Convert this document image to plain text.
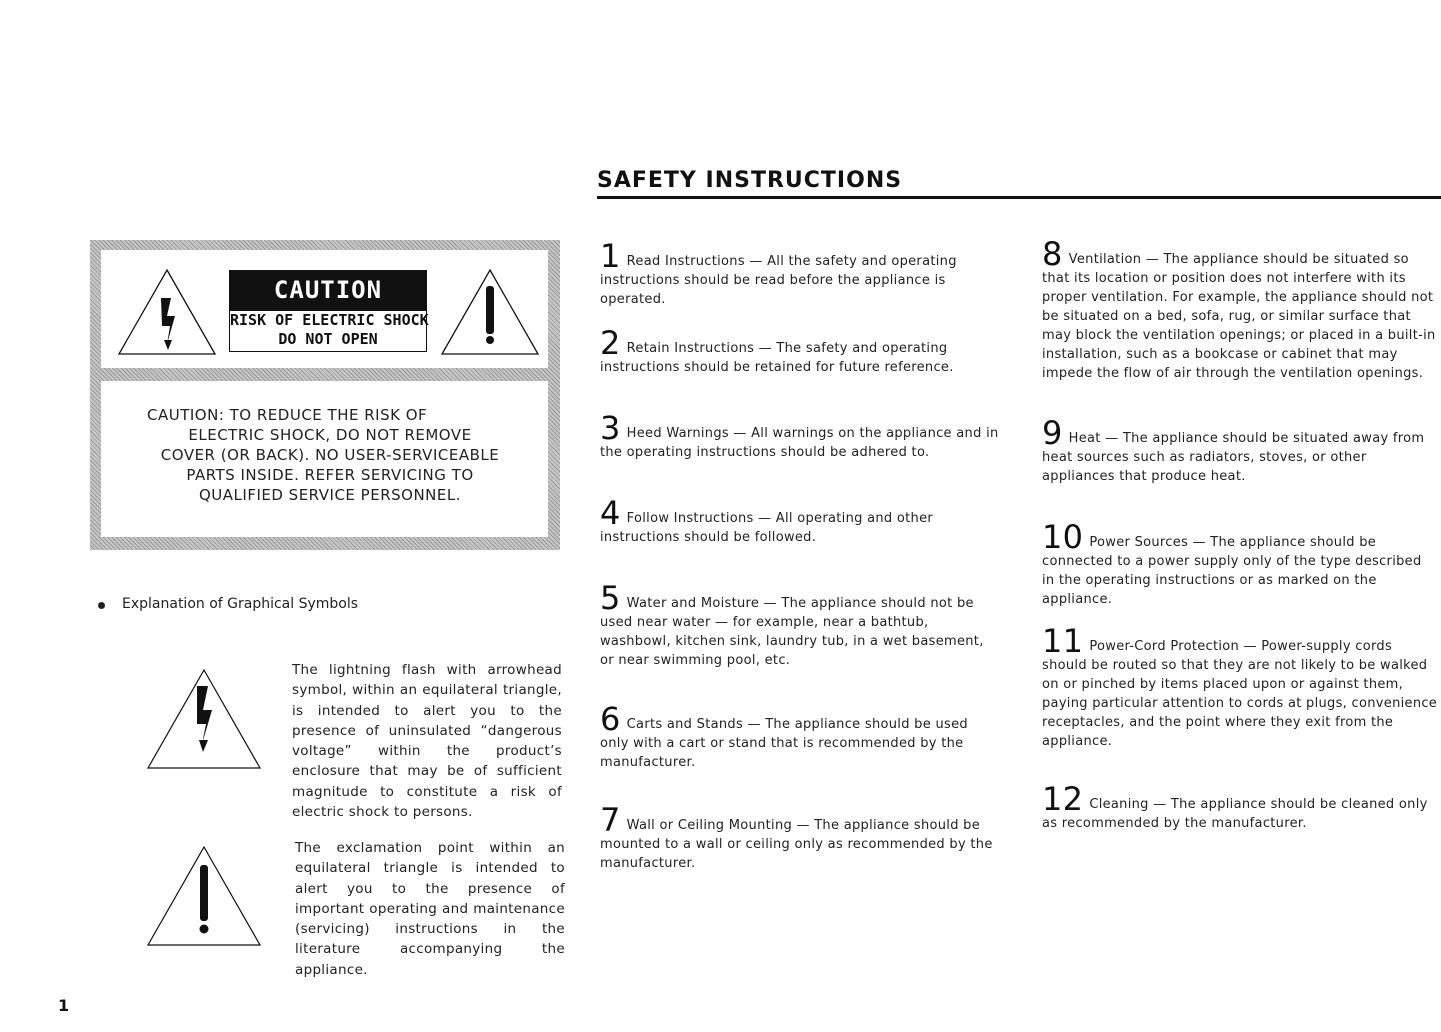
SAFETY INSTRUCTIONS
CAUTION
RISK OF ELECTRIC SHOCK
DO NOT OPEN
CAUTION: TO REDUCE THE RISK OF
ELECTRIC SHOCK, DO NOT REMOVE
COVER (OR BACK). NO USER-SERVICEABLE
PARTS INSIDE. REFER SERVICING TO
QUALIFIED SERVICE PERSONNEL.
Explanation of Graphical Symbols
The lightning flash with arrowhead symbol, within an equilateral triangle, is intended to alert you to the presence of uninsulated “dangerous voltage” within the product’s enclosure that may be of sufficient magnitude to constitute a risk of electric shock to persons.
The exclamation point within an equilateral triangle is intended to alert you to the presence of important operating and maintenance (servicing) instructions in the literature accompanying the appliance.
1 Read Instructions — All the safety and operating instructions should be read before the appliance is operated.
2 Retain Instructions — The safety and operating instructions should be retained for future reference.
3 Heed Warnings — All warnings on the appliance and in the operating instructions should be adhered to.
4 Follow Instructions — All operating and other instructions should be followed.
5 Water and Moisture — The appliance should not be used near water — for example, near a bathtub, washbowl, kitchen sink, laundry tub, in a wet basement, or near swimming pool, etc.
6 Carts and Stands — The appliance should be used only with a cart or stand that is recommended by the manufacturer.
7 Wall or Ceiling Mounting — The appliance should be mounted to a wall or ceiling only as recommended by the manufacturer.
8 Ventilation — The appliance should be situated so that its location or position does not interfere with its proper ventilation. For example, the appliance should not be situated on a bed, sofa, rug, or similar surface that may block the ventilation openings; or placed in a built-in installation, such as a bookcase or cabinet that may impede the flow of air through the ventilation openings.
9 Heat — The appliance should be situated away from heat sources such as radiators, stoves, or other appliances that produce heat.
10 Power Sources — The appliance should be connected to a power supply only of the type described in the operating instructions or as marked on the appliance.
11 Power-Cord Protection — Power-supply cords should be routed so that they are not likely to be walked on or pinched by items placed upon or against them, paying particular attention to cords at plugs, convenience receptacles, and the point where they exit from the appliance.
12 Cleaning — The appliance should be cleaned only as recommended by the manufacturer.
1
